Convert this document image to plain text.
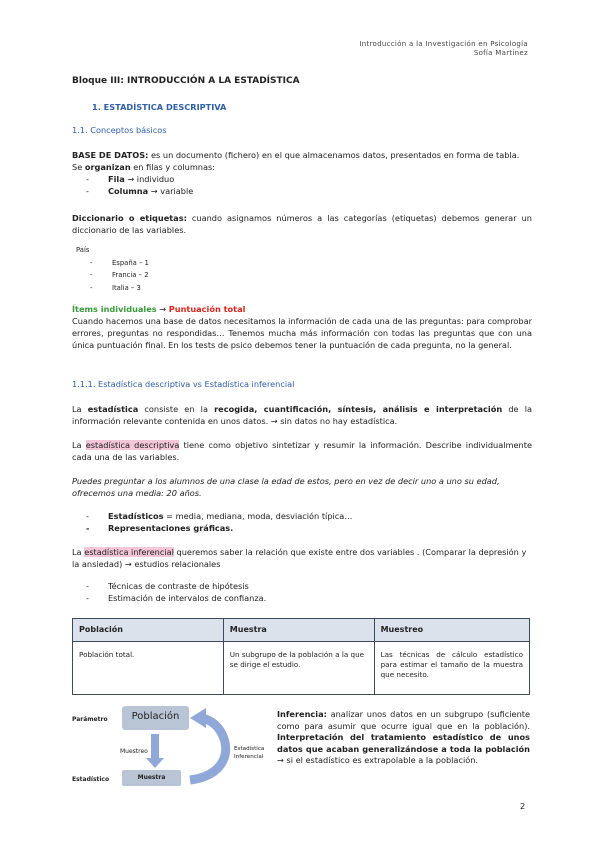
Introducción a la Investigación en Psicología
Sofía Martínez
Bloque III: INTRODUCCIÓN A LA ESTADÍSTICA
1. ESTADÍSTICA DESCRIPTIVA
1.1. Conceptos básicos
BASE DE DATOS: es un documento (fichero) en el que almacenamos datos, presentados en forma de tabla.
Se organizan en filas y columnas:
- Fila → individuo
- Columna → variable
Diccionario o etiquetas: cuando asignamos números a las categorías (etiquetas) debemos generar un diccionario de las variables.
País
- España – 1
- Francia – 2
- Italia – 3
Ítems individuales → Puntuación total
Cuando hacemos una base de datos necesitamos la información de cada una de las preguntas: para comprobar errores, preguntas no respondidas… Tenemos mucha más información con todas las preguntas que con una única puntuación final. En los tests de psico debemos tener la puntuación de cada pregunta, no la general.
1.1.1. Estadística descriptiva vs Estadística inferencial
La estadística consiste en la recogida, cuantificación, síntesis, análisis e interpretación de la información relevante contenida en unos datos. → sin datos no hay estadística.
La estadística descriptiva tiene como objetivo sintetizar y resumir la información. Describe individualmente cada una de las variables.
Puedes preguntar a los alumnos de una clase la edad de estos, pero en vez de decir uno a uno su edad, ofrecemos una media: 20 años.
- Estadísticos = media, mediana, moda, desviación típica…
- Representaciones gráficas.
La estadística inferencial queremos saber la relación que existe entre dos variables . (Comparar la depresión y la ansiedad) → estudios relacionales
- Técnicas de contraste de hipótesis
- Estimación de intervalos de confianza.
Población	Muestra	Muestreo
Población total.	Un subgrupo de la población a la que se dirige el estudio.	Las técnicas de cálculo estadístico para estimar el tamaño de la muestra que necesito.
Parámetro	Población
Muestreo
Estadístico	Muestra
Estadística
Inferencial
Inferencia: analizar unos datos en un subgrupo (suficiente como para asumir que ocurre igual que en la población). Interpretación del tratamiento estadístico de unos datos que acaban generalizándose a toda la población → si el estadístico es extrapolable a la población.
2
